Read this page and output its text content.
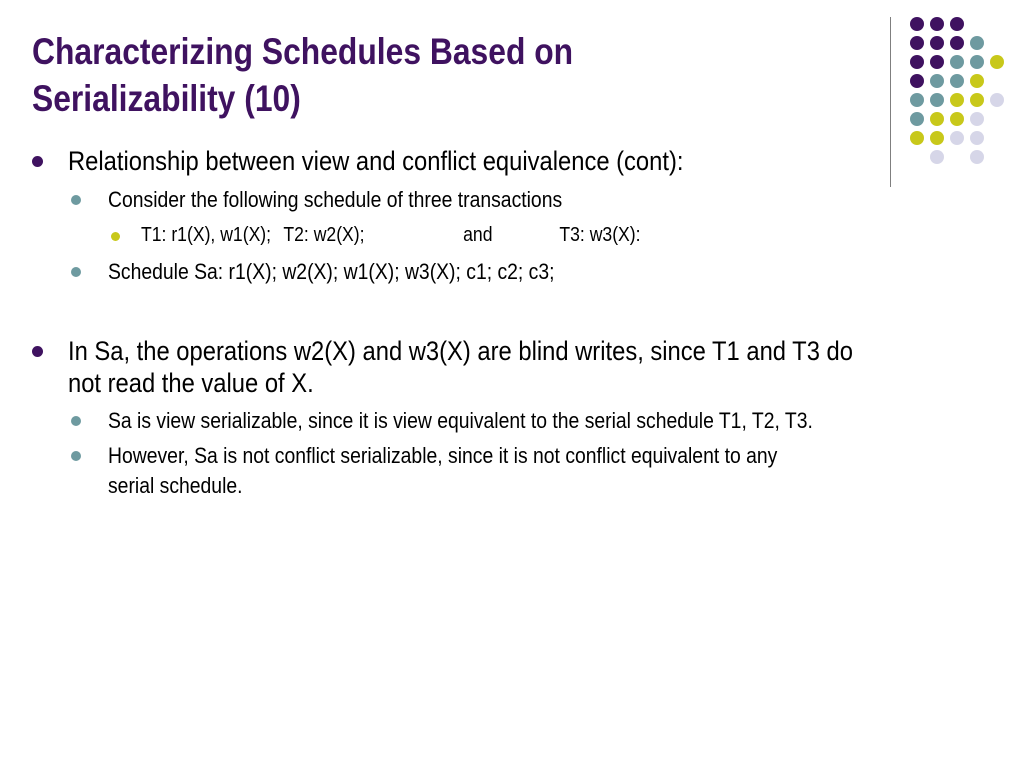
Characterizing Schedules Based on Serializability (10)
Relationship between view and conflict equivalence (cont):
Consider the following schedule of three transactions
T1: r1(X), w1(X); T2: w2(X);	and	T3: w3(X):
Schedule Sa: r1(X); w2(X); w1(X); w3(X); c1; c2; c3;
In Sa, the operations w2(X) and w3(X) are blind writes, since T1 and T3 do
not read the value of X.
Sa is view serializable, since it is view equivalent to the serial schedule T1, T2, T3.
However, Sa is not conflict serializable, since it is not conflict equivalent to any
serial schedule.
